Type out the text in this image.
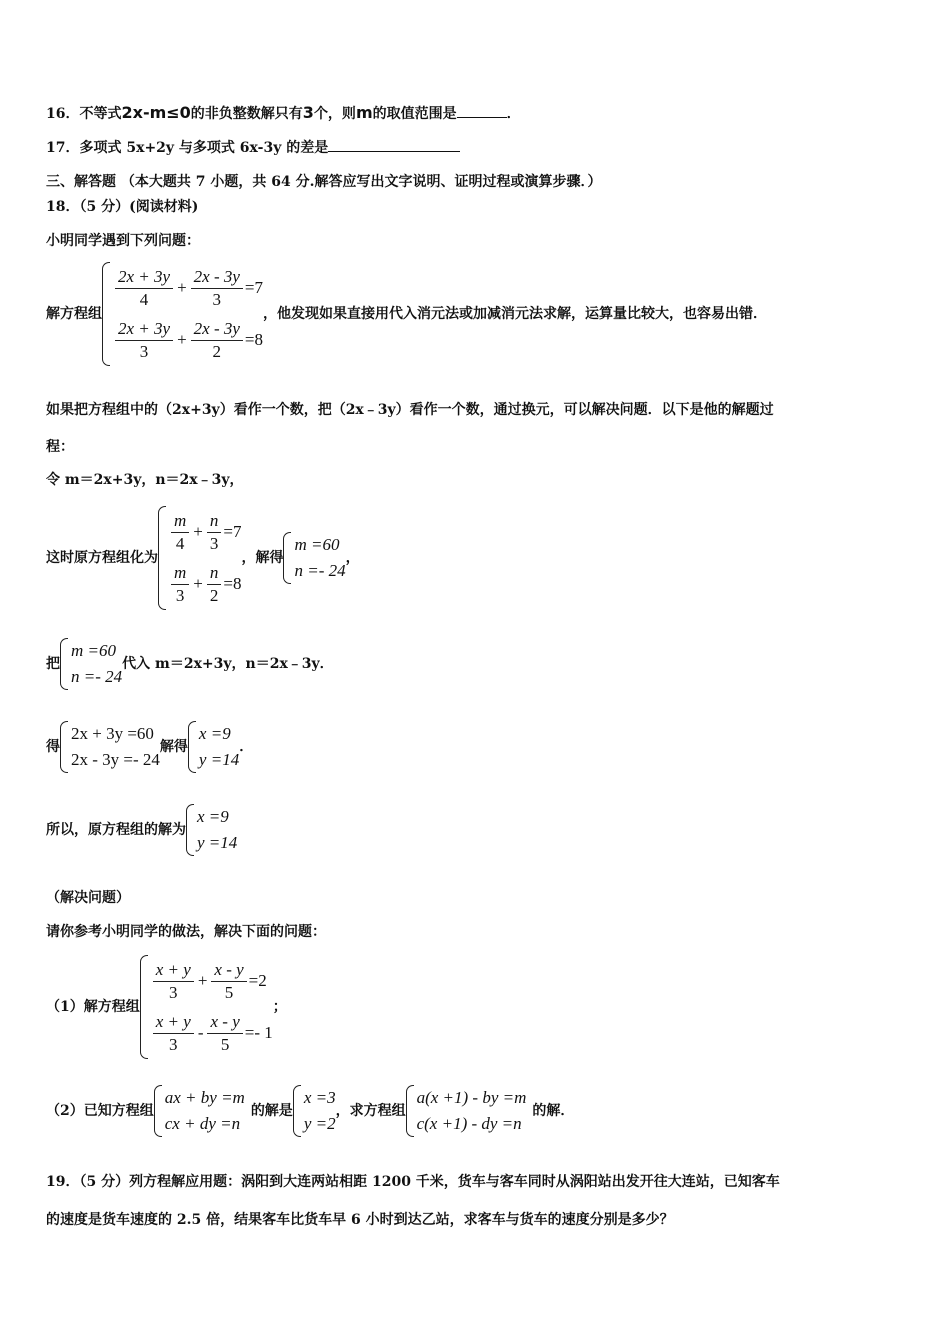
16．不等式2x-m≤0的非负整数解只有3个，则m的取值范围是	．
17．多项式 5x+2y 与多项式 6x-3y 的差是
三、解答题 （本大题共 7 小题，共 64 分.解答应写出文字说明、证明过程或演算步骤．）
18．（5 分）(阅读材料)
小明同学遇到下列问题：
解方程组
$\frac{2x + 3y}{4} + \frac{2x - 3y}{3} =7$
$\frac{2x + 3y}{3} + \frac{2x - 3y}{2} =8$
，他发现如果直接用代入消元法或加减消元法求解，运算量比较大，也容易出错．
如果把方程组中的（2x+3y）看作一个数，把（2x﹣3y）看作一个数，通过换元，可以解决问题．以下是他的解题过
程：
令 m＝2x+3y，n＝2x﹣3y，
这时原方程组化为
$\frac{m}{4} + \frac{n}{3} =7$
$\frac{m}{3} + \frac{n}{2} =8$
，解得
m =60
n =- 24
，
把
m =60
n =- 24
代入 m＝2x+3y，n＝2x﹣3y．
得
2x + 3y =60
2x - 3y =- 24
解得
x =9
y =14
．
所以，原方程组的解为
x =9
y =14
（解决问题）
请你参考小明同学的做法，解决下面的问题：
（1）解方程组
$\frac{x + y}{3} + \frac{x - y}{5} =2$
$\frac{x + y}{3} - \frac{x - y}{5} =- 1$
；
（2）已知方程组
ax + by =m
cx + dy =n
的解是
x =3
y =2
，求方程组
a(x +1) - by =m
c(x +1) - dy =n
的解．
19．（5 分）列方程解应用题：涡阳到大连两站相距 1200 千米，货车与客车同时从涡阳站出发开往大连站，已知客车
的速度是货车速度的 2.5 倍，结果客车比货车早 6 小时到达乙站，求客车与货车的速度分别是多少？
